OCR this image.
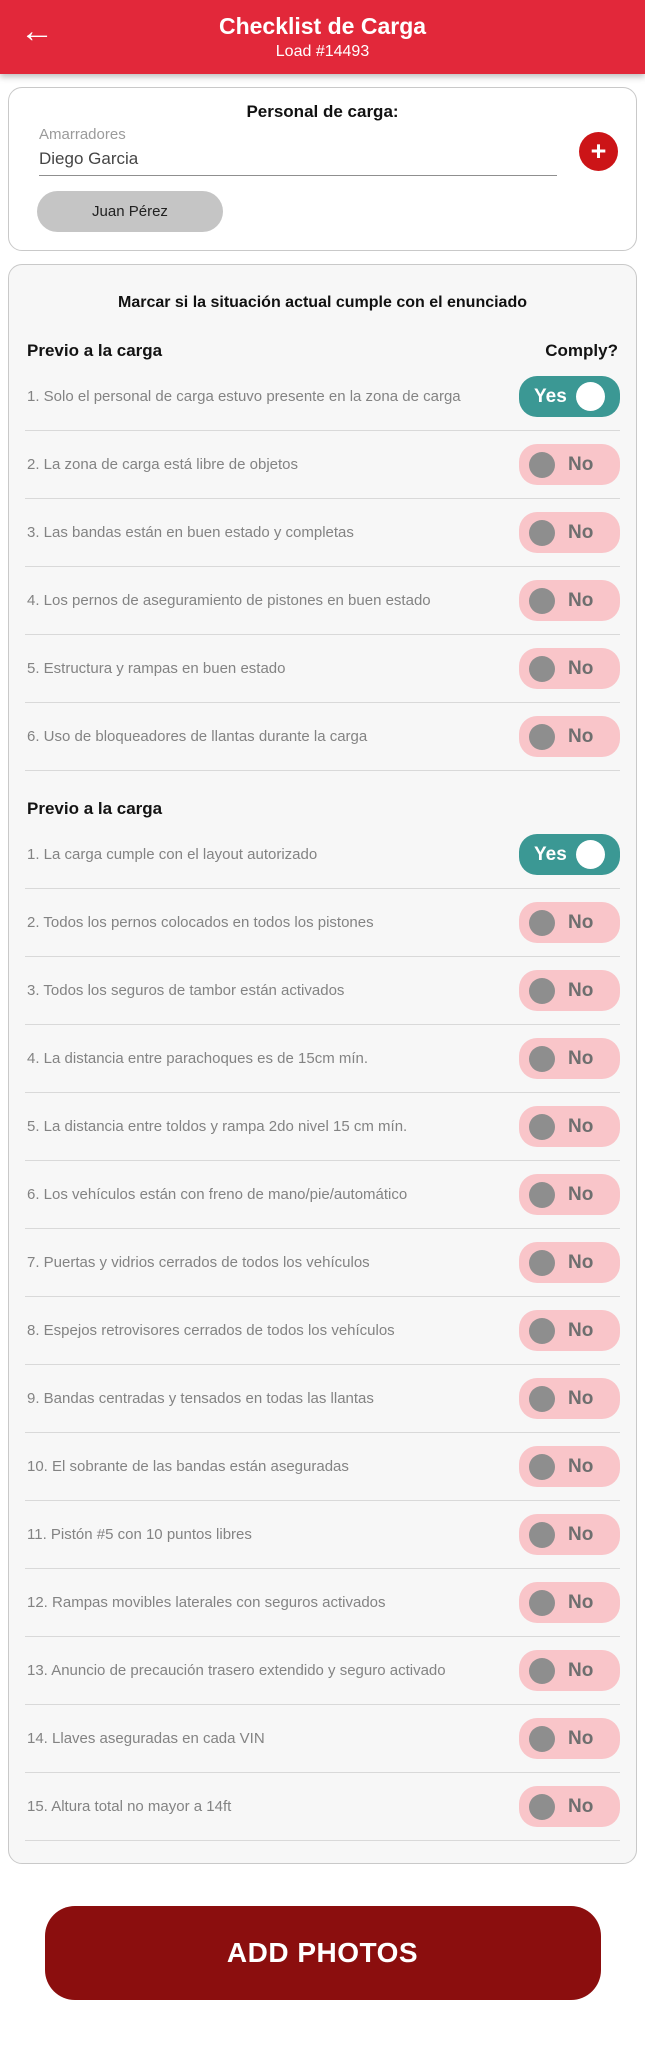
←	Checklist de Carga
Load #14493
Personal de carga:
Amarradores
Diego Garcia
+
Juan Pérez
Marcar si la situación actual cumple con el enunciado
Previo a la carga	Comply?
1. Solo el personal de carga estuvo presente en la zona de carga	Yes
2. La zona de carga está libre de objetos	No
3. Las bandas están en buen estado y completas	No
4. Los pernos de aseguramiento de pistones en buen estado	No
5. Estructura y rampas en buen estado	No
6. Uso de bloqueadores de llantas durante la carga	No
Previo a la carga
1. La carga cumple con el layout autorizado	Yes
2. Todos los pernos colocados en todos los pistones	No
3. Todos los seguros de tambor están activados	No
4. La distancia entre parachoques es de 15cm mín.	No
5. La distancia entre toldos y rampa 2do nivel 15 cm mín.	No
6. Los vehículos están con freno de mano/pie/automático	No
7. Puertas y vidrios cerrados de todos los vehículos	No
8. Espejos retrovisores cerrados de todos los vehículos	No
9. Bandas centradas y tensados en todas las llantas	No
10. El sobrante de las bandas están aseguradas	No
11. Pistón #5 con 10 puntos libres	No
12. Rampas movibles laterales con seguros activados	No
13. Anuncio de precaución trasero extendido y seguro activado	No
14. Llaves aseguradas en cada VIN	No
15. Altura total no mayor a 14ft	No
ADD PHOTOS
